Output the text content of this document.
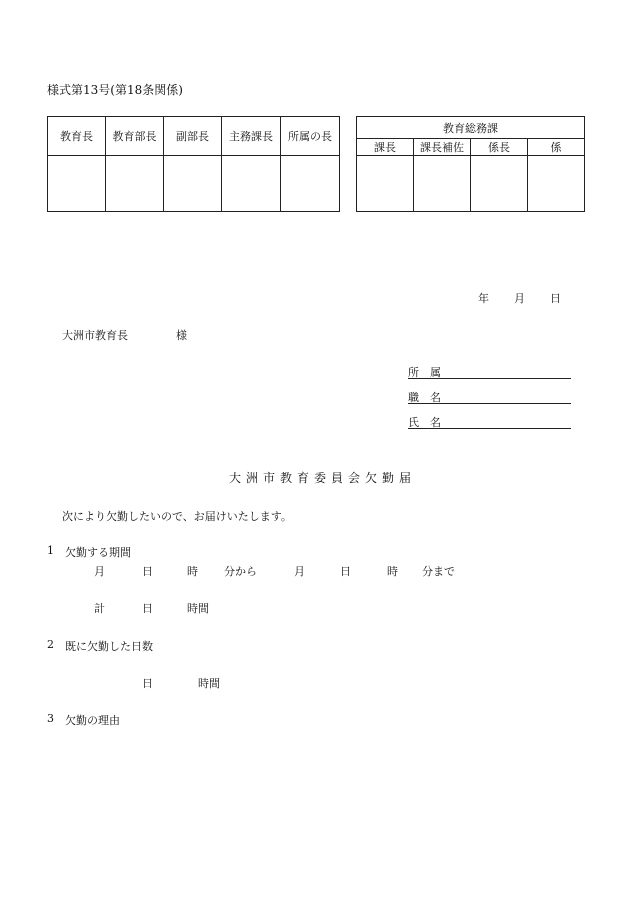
様式第13号(第18条関係)
教育長	教育部長	副部長	主務課長	所属の長

教育総務課			
課長	課長補佐	係長	係

年 月 日
大洲市教育長	様
所　属
職　名
氏　名
大洲市教育委員会欠勤届
次により欠勤したいので、お届けいたします。
1 欠勤する期間
月	日	時 分から	月	日	時 分まで
計	日	時間
2 既に欠勤した日数
日	時間
3 欠勤の理由
